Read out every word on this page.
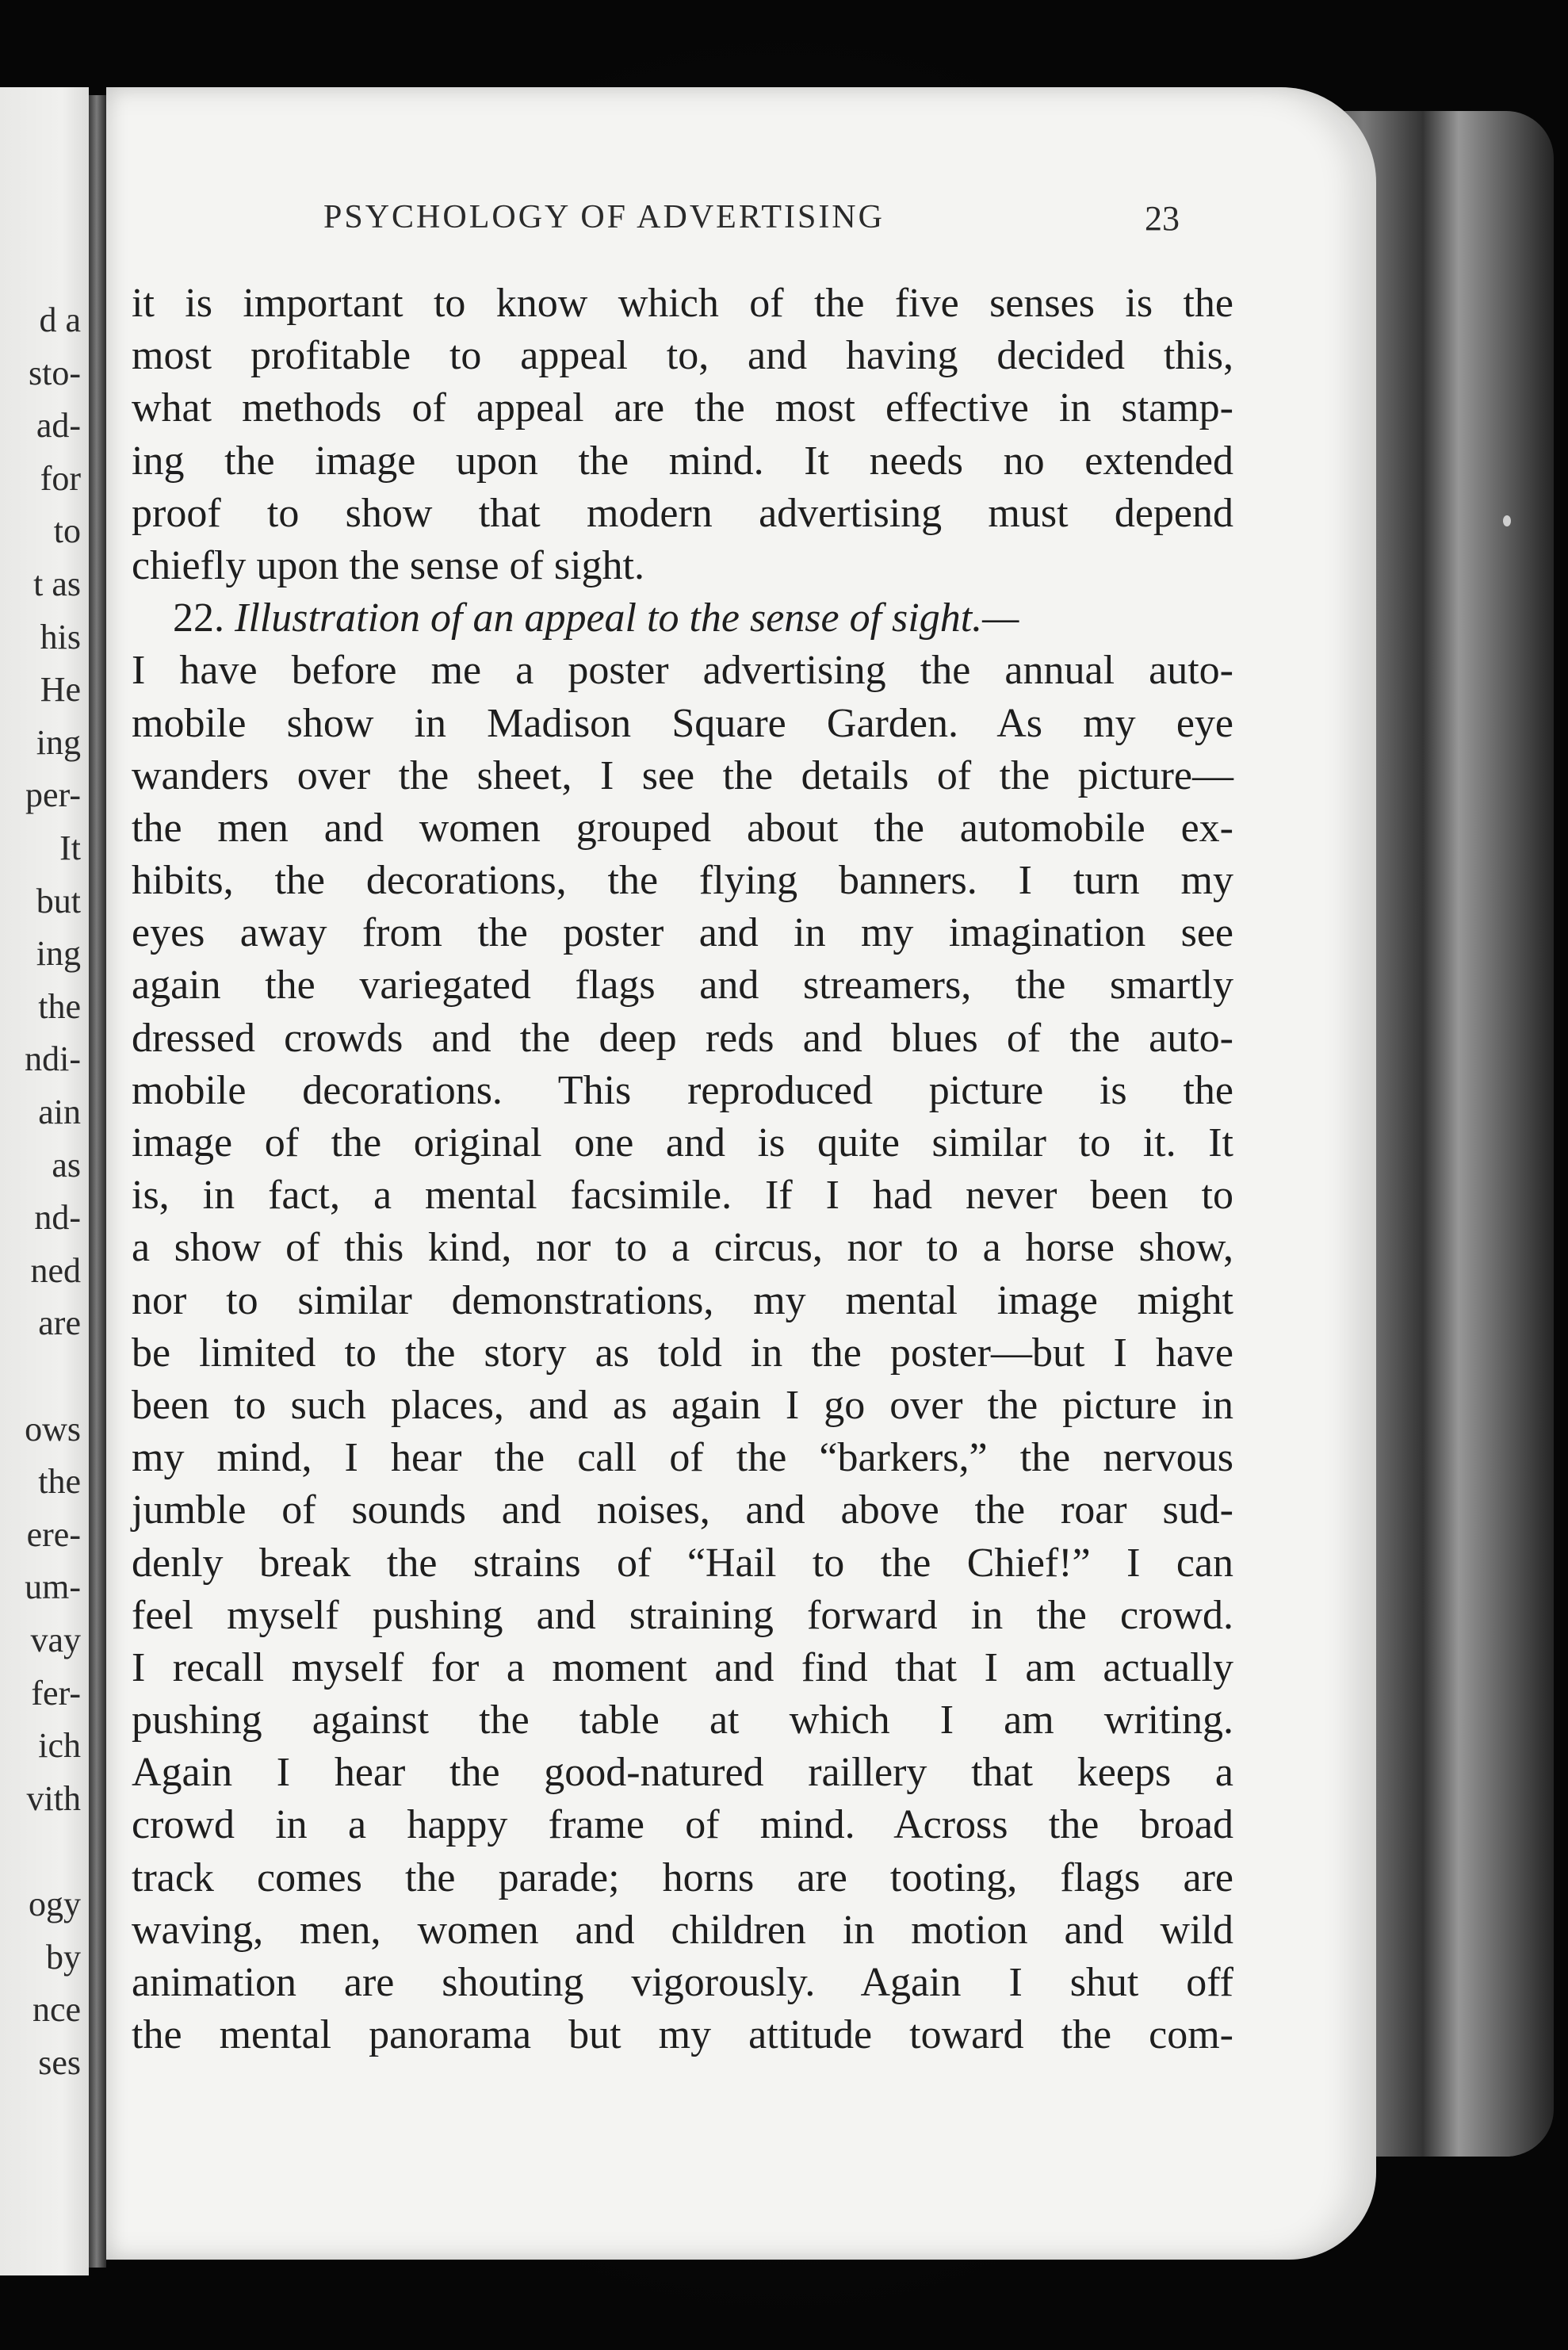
d a
sto-
ad-
for
to
t as
his
He
ing
per-
It
but
ing
the
ndi-
ain
as
nd-
ned
are
ows
the
ere-
um-
vay
fer-
ich
vith
ogy
by
nce
ses
PSYCHOLOGY OF ADVERTISING	23
it is important to know which of the five senses is the
most profitable to appeal to, and having decided this,
what methods of appeal are the most effective in stamp-
ing the image upon the mind. It needs no extended
proof to show that modern advertising must depend
chiefly upon the sense of sight.
22. Illustration of an appeal to the sense of sight.—
I have before me a poster advertising the annual auto-
mobile show in Madison Square Garden. As my eye
wanders over the sheet, I see the details of the picture—
the men and women grouped about the automobile ex-
hibits, the decorations, the flying banners. I turn my
eyes away from the poster and in my imagination see
again the variegated flags and streamers, the smartly
dressed crowds and the deep reds and blues of the auto-
mobile decorations. This reproduced picture is the
image of the original one and is quite similar to it. It
is, in fact, a mental facsimile. If I had never been to
a show of this kind, nor to a circus, nor to a horse show,
nor to similar demonstrations, my mental image might
be limited to the story as told in the poster—but I have
been to such places, and as again I go over the picture in
my mind, I hear the call of the “barkers,” the nervous
jumble of sounds and noises, and above the roar sud-
denly break the strains of “Hail to the Chief!” I can
feel myself pushing and straining forward in the crowd.
I recall myself for a moment and find that I am actually
pushing against the table at which I am writing.
Again I hear the good-natured raillery that keeps a
crowd in a happy frame of mind. Across the broad
track comes the parade; horns are tooting, flags are
waving, men, women and children in motion and wild
animation are shouting vigorously. Again I shut off
the mental panorama but my attitude toward the com-
